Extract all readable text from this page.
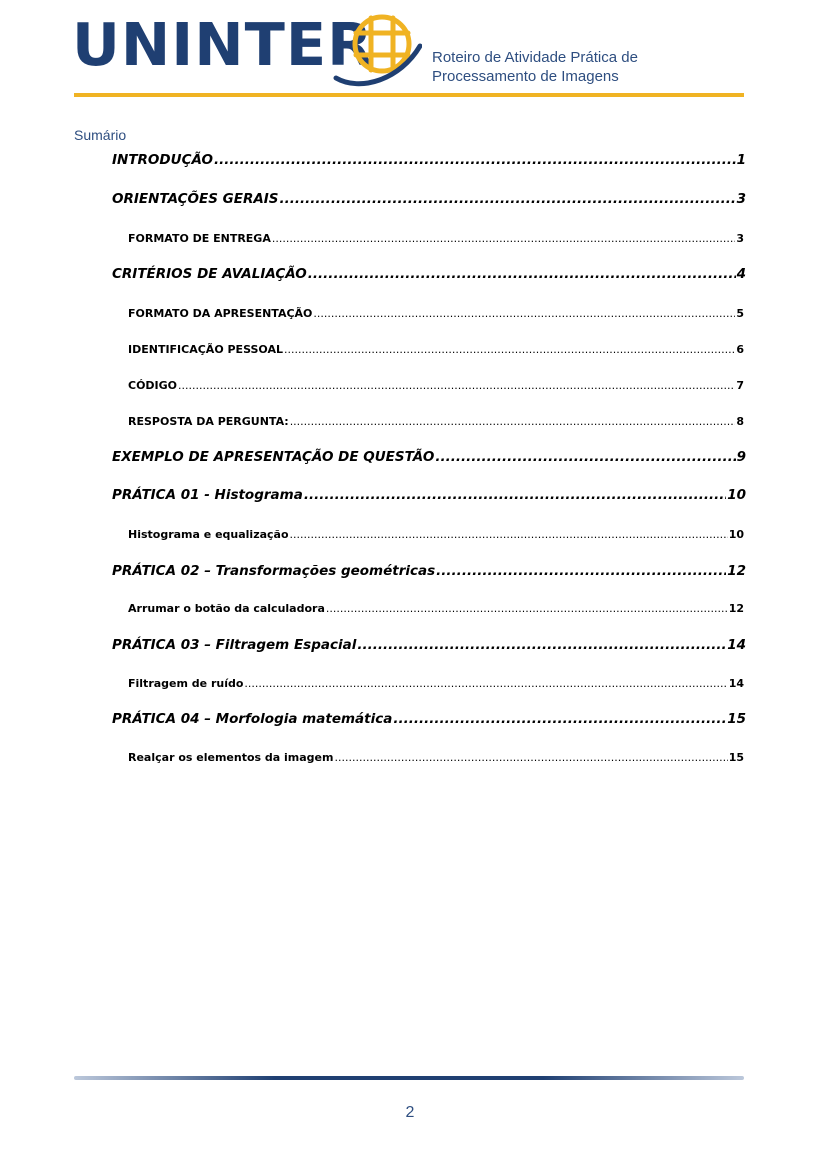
UNINTER	Roteiro de Atividade Prática de
Processamento de Imagens
Sumário
INTRODUÇÃO .....	1
ORIENTAÇÕES GERAIS .....	3
FORMATO DE ENTREGA .....	3
CRITÉRIOS DE AVALIAÇÃO .....	4
FORMATO DA APRESENTAÇÃO .....	5
IDENTIFICAÇÃO PESSOAL .....	6
CÓDIGO .....	7
RESPOSTA DA PERGUNTA: .....	8
EXEMPLO DE APRESENTAÇÃO DE QUESTÃO .....	9
PRÁTICA 01 - Histograma .....	10
Histograma e equalização .....	10
PRÁTICA 02 – Transformações geométricas .....	12
Arrumar o botão da calculadora .....	12
PRÁTICA 03 – Filtragem Espacial .....	14
Filtragem de ruído .....	14
PRÁTICA 04 – Morfologia matemática .....	15
Realçar os elementos da imagem .....	15
2
